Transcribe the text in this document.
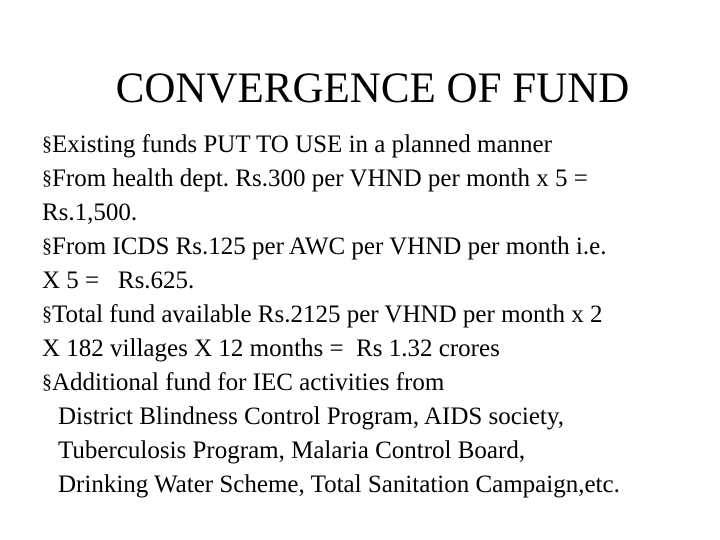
CONVERGENCE OF FUND
§Existing funds PUT TO USE in a planned manner
§From health dept. Rs.300 per VHND per month x 5 =
Rs.1,500.
§From ICDS Rs.125 per AWC per VHND per month i.e.
X 5 =   Rs.625.
§Total fund available Rs.2125 per VHND per month x 2
X 182 villages X 12 months =  Rs 1.32 crores
§Additional fund for IEC activities from
District Blindness Control Program, AIDS society,
Tuberculosis Program, Malaria Control Board,
Drinking Water Scheme, Total Sanitation Campaign,etc.
